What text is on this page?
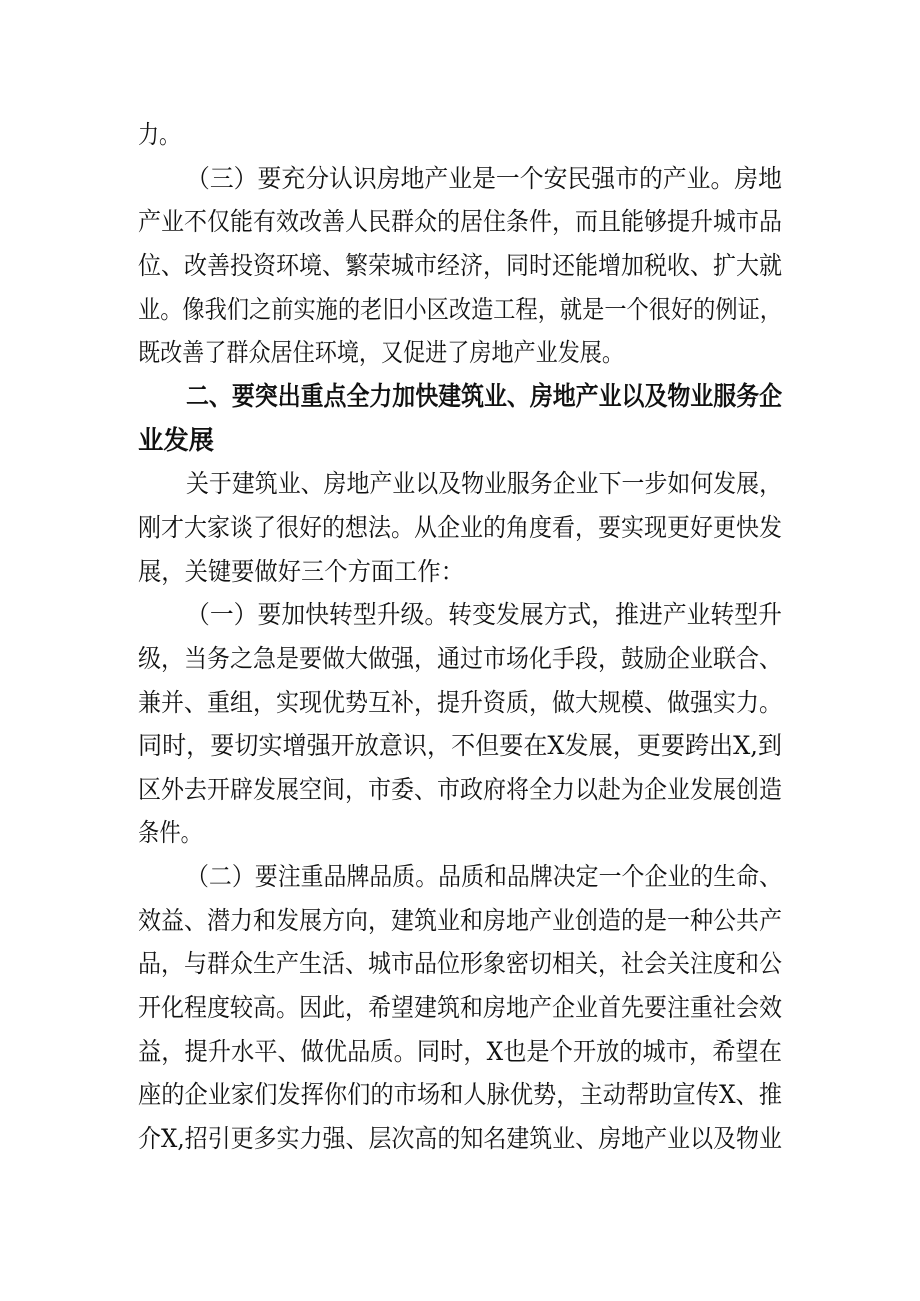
力。
（三）要充分认识房地产业是一个安民强市的产业。房地
产业不仅能有效改善人民群众的居住条件，而且能够提升城市品
位、改善投资环境、繁荣城市经济，同时还能增加税收、扩大就
业。像我们之前实施的老旧小区改造工程，就是一个很好的例证，
既改善了群众居住环境，又促进了房地产业发展。
二、要突出重点全力加快建筑业、房地产业以及物业服务企
业发展
关于建筑业、房地产业以及物业服务企业下一步如何发展，
刚才大家谈了很好的想法。从企业的角度看，要实现更好更快发
展，关键要做好三个方面工作：
（一）要加快转型升级。转变发展方式，推进产业转型升
级，当务之急是要做大做强，通过市场化手段，鼓励企业联合、
兼并、重组，实现优势互补，提升资质，做大规模、做强实力。
同时，要切实增强开放意识，不但要在X发展，更要跨出X,到
区外去开辟发展空间，市委、市政府将全力以赴为企业发展创造
条件。
（二）要注重品牌品质。品质和品牌决定一个企业的生命、
效益、潜力和发展方向，建筑业和房地产业创造的是一种公共产
品，与群众生产生活、城市品位形象密切相关，社会关注度和公
开化程度较高。因此，希望建筑和房地产企业首先要注重社会效
益，提升水平、做优品质。同时，X也是个开放的城市，希望在
座的企业家们发挥你们的市场和人脉优势，主动帮助宣传X、推
介X,招引更多实力强、层次高的知名建筑业、房地产业以及物业
